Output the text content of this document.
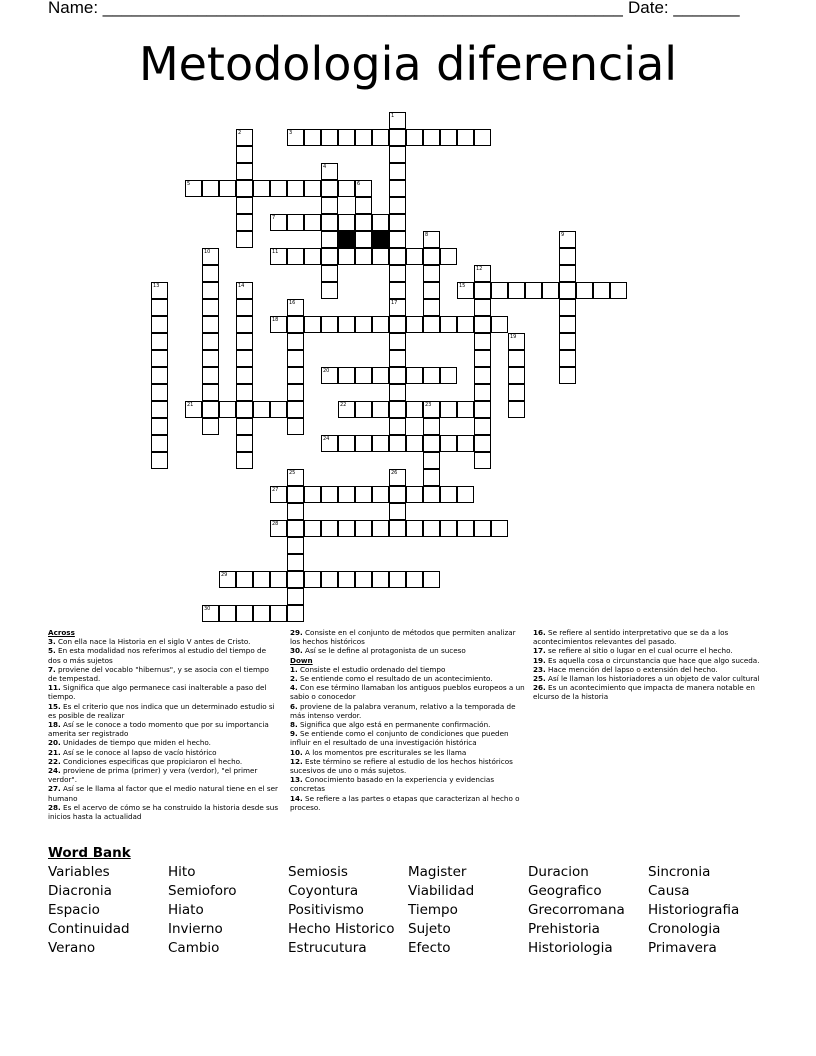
Name: _______________________________________________________ Date: _______
Metodologia diferencial
3
5
7
11
15
18
20
21	22	23
24
27
28
29
30
1
17
2
4
6
8	9
10
12
13	14
16
19
25	26
Across
3. Con ella nace la Historia en el siglo V antes de Cristo.
5. En esta modalidad nos referimos al estudio del tiempo de dos o más sujetos
7. proviene del vocablo "hibernus", y se asocia con el tiempo de tempestad.
11. Significa que algo permanece casi inalterable a paso del tiempo.
15. Es el criterio que nos indica que un determinado estudio si es posible de realizar
18. Así se le conoce a todo momento que por su importancia amerita ser registrado
20. Unidades de tiempo que miden el hecho.
21. Así se le conoce al lapso de vacío histórico
22. Condiciones especificas que propiciaron el hecho.
24. proviene de prima (primer) y vera (verdor), "el primer verdor".
27. Así se le llama al factor que el medio natural tiene en el ser humano
28. Es el acervo de cómo se ha construido la historia desde sus inicios hasta la actualidad
29. Consiste en el conjunto de métodos que permiten analizar los hechos históricos
30. Así se le define al protagonista de un suceso
Down
1. Consiste el estudio ordenado del tiempo
2. Se entiende como el resultado de un acontecimiento.
4. Con ese término llamaban los antiguos pueblos europeos a un sabio o conocedor
6. proviene de la palabra veranum, relativo a la temporada de más intenso verdor.
8. Significa que algo está en permanente confirmación.
9. Se entiende como el conjunto de condiciones que pueden influir en el resultado de una investigación histórica
10. A los momentos pre escriturales se les llama
12. Este término se refiere al estudio de los hechos históricos sucesivos de uno o más sujetos.
13. Conocimiento basado en la experiencia y evidencias concretas
14. Se refiere a las partes o etapas que caracterizan al hecho o proceso.
16. Se refiere al sentido interpretativo que se da a los acontecimientos relevantes del pasado.
17. se refiere al sitio o lugar en el cual ocurre el hecho.
19. Es aquella cosa o circunstancia que hace que algo suceda.
23. Hace mención del lapso o extensión del hecho.
25. Así le llaman los historiadores a un objeto de valor cultural
26. Es un acontecimiento que impacta de manera notable en elcurso de la historia
Word Bank
Variables	Hito	Semiosis	Magister	Duracion	Sincronia
Diacronia	Semioforo	Coyontura	Viabilidad	Geografico	Causa
Espacio	Hiato	Positivismo	Tiempo	Grecorromana	Historiografia
Continuidad	Invierno	Hecho Historico	Sujeto	Prehistoria	Cronologia
Verano	Cambio	Estrucutura	Efecto	Historiologia	Primavera
